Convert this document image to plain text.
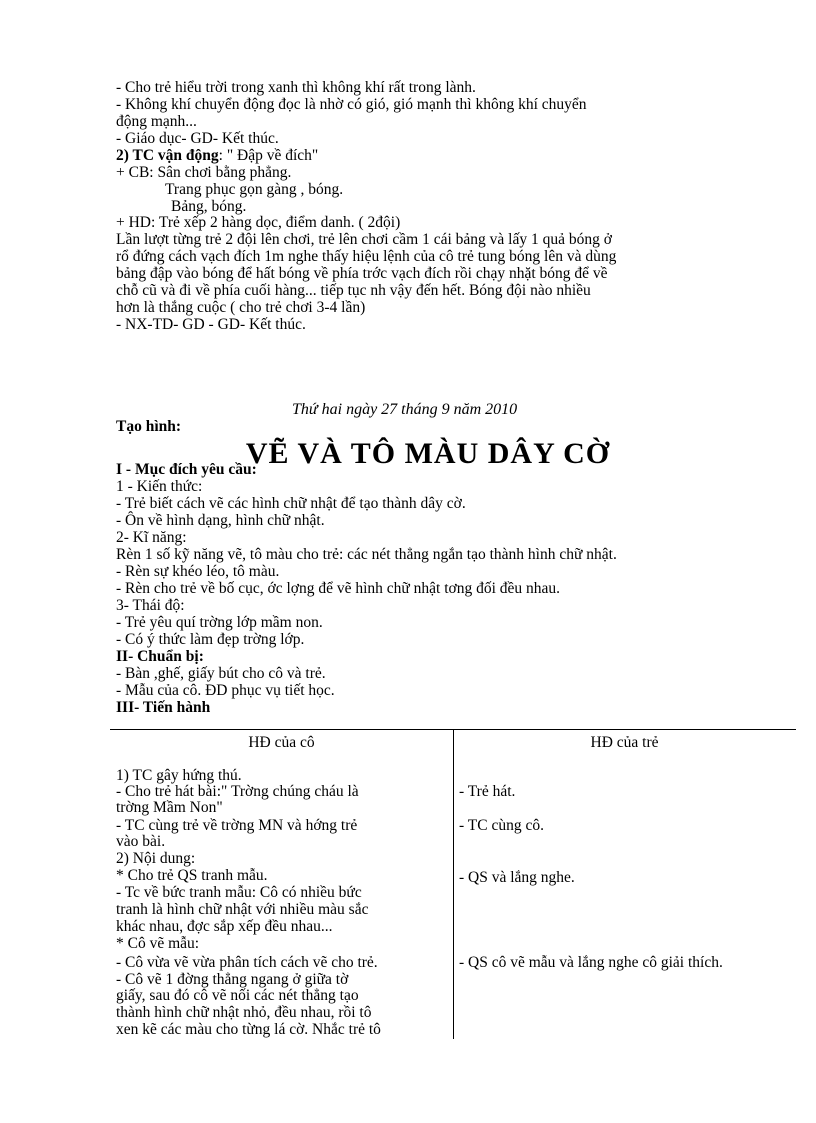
- Cho trẻ hiểu trời trong xanh thì không khí rất trong lành.
- Không khí chuyển động đọc là nhờ có gió, gió mạnh thì không khí chuyển
động mạnh...
- Giáo dục- GD- Kết thúc.
2) TC vận động: " Đập về đích"
+ CB: Sân chơi bằng phẳng.
Trang phục gọn gàng , bóng.
Bảng, bóng.
+ HD: Trẻ xếp 2 hàng dọc, điểm danh. ( 2đội)
Lần lượt từng trẻ 2 đội lên chơi, trẻ lên chơi cầm 1 cái bảng và lấy 1 quả bóng ở
rổ đứng cách vạch đích 1m nghe thấy hiệu lệnh của cô trẻ tung bóng lên và dùng
bảng đập vào bóng để hất bóng về phía trớc vạch đích rồi chạy nhặt bóng để về
chỗ cũ và đi về phía cuối hàng... tiếp tục nh vậy đến hết. Bóng đội nào nhiều
hơn là thắng cuộc ( cho trẻ chơi 3-4 lần)
- NX-TD- GD - GD- Kết thúc.
Thứ hai ngày 27 tháng 9 năm 2010
Tạo hình:
VẼ VÀ TÔ MÀU DÂY CỜ
I - Mục đích yêu cầu:
1 - Kiến thức:
- Trẻ biết cách vẽ các hình chữ nhật để tạo thành dây cờ.
- Ôn về hình dạng, hình chữ nhật.
2- Kĩ năng:
Rèn 1 số kỹ năng vẽ, tô màu cho trẻ: các nét thẳng ngắn tạo thành hình chữ nhật.
- Rèn sự khéo léo, tô màu.
- Rèn cho trẻ về bố cục, ớc lợng để vẽ hình chữ nhật tơng đối đều nhau.
3- Thái độ:
- Trẻ yêu quí trờng lớp mầm non.
- Có ý thức làm đẹp trờng lớp.
II- Chuẩn bị:
- Bàn ,ghế, giấy bút cho cô và trẻ.
- Mẫu của cô. ĐD phục vụ tiết học.
III- Tiến hành
HĐ của cô	HĐ của trẻ
1) TC gây hứng thú.
- Cho trẻ hát bài:" Trờng chúng cháu là
trờng Mầm Non"
- TC cùng trẻ về trờng MN và hớng trẻ
vào bài.
2) Nội dung:
* Cho trẻ QS tranh mẫu.
- Tc về bức tranh mẫu: Cô có nhiều bức
tranh là hình chữ nhật với nhiều màu sắc
khác nhau, đợc sắp xếp đều nhau...
* Cô vẽ mẫu:
- Cô vừa vẽ vừa phân tích cách vẽ cho trẻ.
- Cô vẽ 1 đờng thẳng ngang ở giữa tờ
giấy, sau đó cô vẽ nối các nét thẳng tạo
thành hình chữ nhật nhỏ, đều nhau, rồi tô
xen kẽ các màu cho từng lá cờ. Nhắc trẻ tô
- Trẻ hát.
- TC cùng cô.
- QS và lắng nghe.
- QS cô vẽ mẫu và lắng nghe cô giải thích.
